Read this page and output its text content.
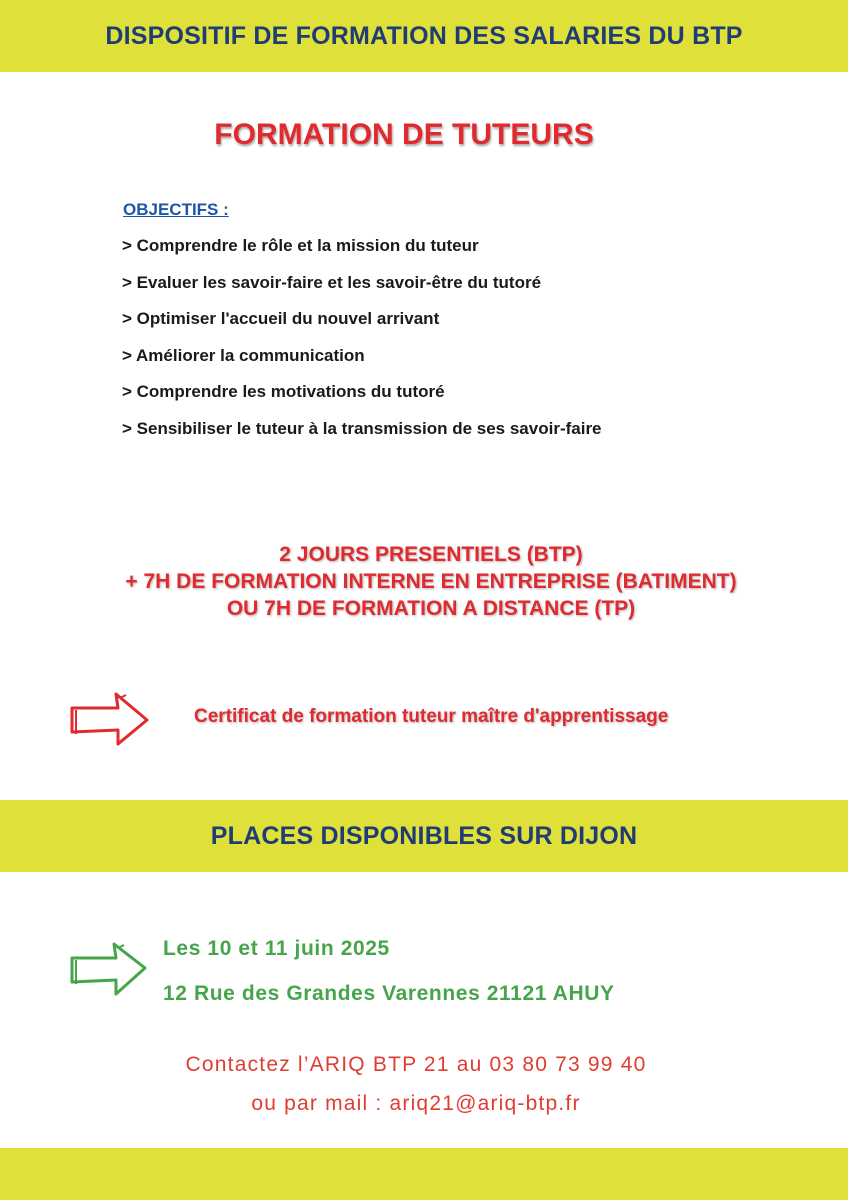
DISPOSITIF DE FORMATION DES SALARIES DU BTP
FORMATION DE TUTEURS
OBJECTIFS :
> Comprendre le rôle et la mission du tuteur
> Evaluer les savoir-faire et les savoir-être du tutoré
> Optimiser l'accueil du nouvel arrivant
> Améliorer la communication
> Comprendre les motivations du tutoré
> Sensibiliser le tuteur à la transmission de ses savoir-faire
2 JOURS PRESENTIELS (BTP)
+ 7H DE FORMATION INTERNE EN ENTREPRISE (BATIMENT)
OU 7H DE FORMATION A DISTANCE (TP)
Certificat de formation tuteur maître d'apprentissage
PLACES DISPONIBLES SUR DIJON
Les 10 et 11 juin 2025
12 Rue des Grandes Varennes 21121 AHUY
Contactez l’ARIQ BTP 21 au 03 80 73 99 40
ou par mail : ariq21@ariq-btp.fr
